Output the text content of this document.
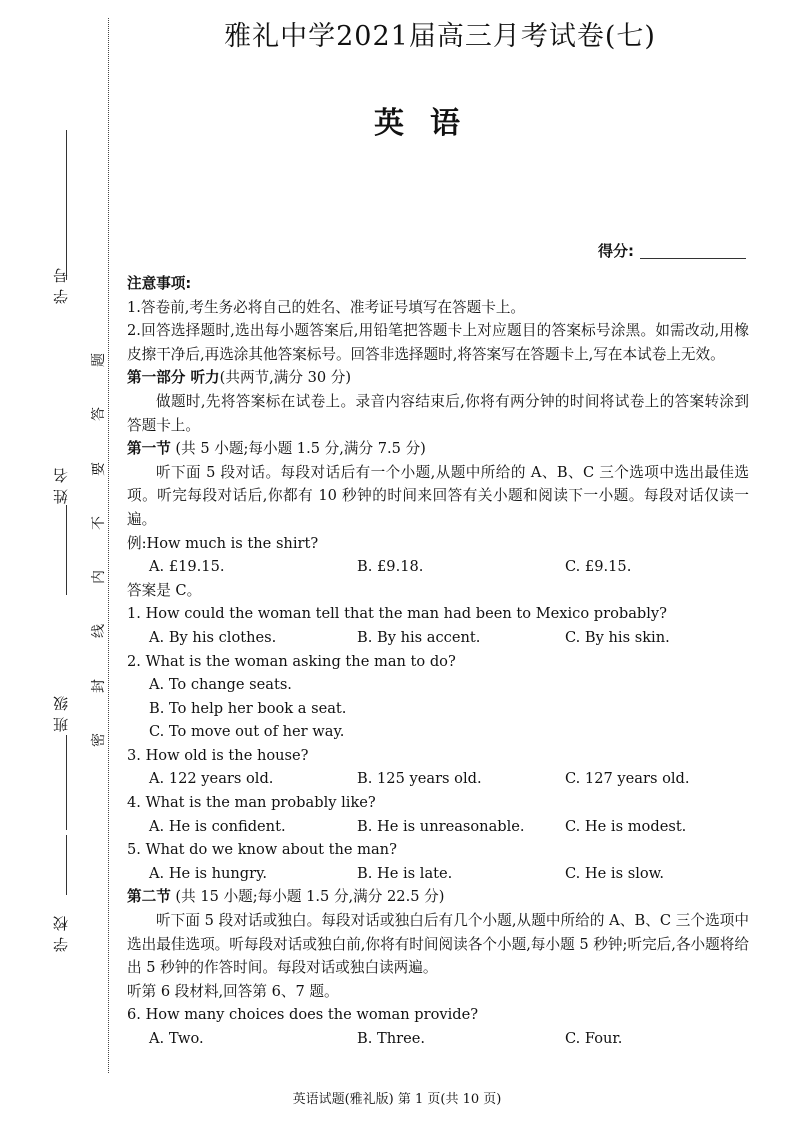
学号
姓名
班级
学校
题
答
要
不
内
线
封
密
雅礼中学2021届高三月考试卷(七)
英语
得分:

注意事项:

1.答卷前,考生务必将自己的姓名、准考证号填写在答题卡上。

2.回答选择题时,选出每小题答案后,用铅笔把答题卡上对应题目的答案标号涂黑。如需改动,用橡皮擦干净后,再选涂其他答案标号。回答非选择题时,将答案写在答题卡上,写在本试卷上无效。

第一部分 听力(共两节,满分 30 分)

做题时,先将答案标在试卷上。录音内容结束后,你将有两分钟的时间将试卷上的答案转涂到答题卡上。

第一节 (共 5 小题;每小题 1.5 分,满分 7.5 分)

听下面 5 段对话。每段对话后有一个小题,从题中所给的 A、B、C 三个选项中选出最佳选项。听完每段对话后,你都有 10 秒钟的时间来回答有关小题和阅读下一小题。每段对话仅读一遍。

例:How much is the shirt?

A. £19.15.	B. £9.18.	C. £9.15.

答案是 C。

1. How could the woman tell that the man had been to Mexico probably?

A. By his clothes.	B. By his accent.	C. By his skin.

2. What is the woman asking the man to do?

A. To change seats.
B. To help her book a seat.
C. To move out of her way.

3. How old is the house?

A. 122 years old.	B. 125 years old.	C. 127 years old.

4. What is the man probably like?

A. He is confident.	B. He is unreasonable.	C. He is modest.

5. What do we know about the man?

A. He is hungry.	B. He is late.	C. He is slow.

第二节 (共 15 小题;每小题 1.5 分,满分 22.5 分)

听下面 5 段对话或独白。每段对话或独白后有几个小题,从题中所给的 A、B、C 三个选项中选出最佳选项。听每段对话或独白前,你将有时间阅读各个小题,每小题 5 秒钟;听完后,各小题将给出 5 秒钟的作答时间。每段对话或独白读两遍。

听第 6 段材料,回答第 6、7 题。

6. How many choices does the woman provide?

A. Two.	B. Three.	C. Four.
英语试题(雅礼版) 第 1 页(共 10 页)
